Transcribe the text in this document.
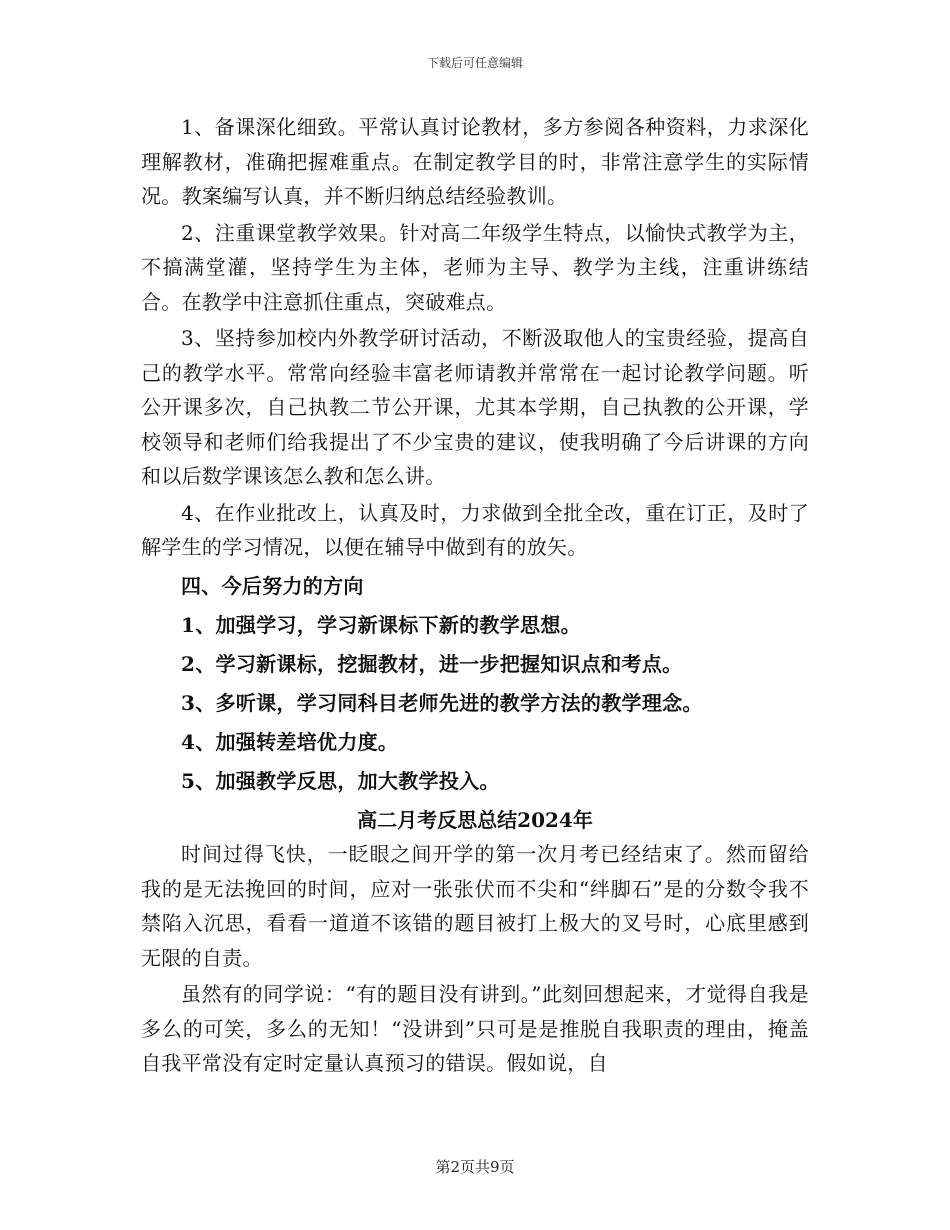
下载后可任意编辑

1、备课深化细致。平常认真讨论教材，多方参阅各种资料，力求深化理解教材，准确把握难重点。在制定教学目的时，非常注意学生的实际情况。教案编写认真，并不断归纳总结经验教训。

2、注重课堂教学效果。针对高二年级学生特点，以愉快式教学为主，不搞满堂灌，坚持学生为主体，老师为主导、教学为主线，注重讲练结合。在教学中注意抓住重点，突破难点。

3、坚持参加校内外教学研讨活动，不断汲取他人的宝贵经验，提高自己的教学水平。常常向经验丰富老师请教并常常在一起讨论教学问题。听公开课多次，自己执教二节公开课，尤其本学期，自己执教的公开课，学校领导和老师们给我提出了不少宝贵的建议，使我明确了今后讲课的方向和以后数学课该怎么教和怎么讲。

4、在作业批改上，认真及时，力求做到全批全改，重在订正，及时了解学生的学习情况，以便在辅导中做到有的放矢。

四、今后努力的方向

1、加强学习，学习新课标下新的教学思想。

2、学习新课标，挖掘教材，进一步把握知识点和考点。

3、多听课，学习同科目老师先进的教学方法的教学理念。

4、加强转差培优力度。

5、加强教学反思，加大教学投入。

高二月考反思总结2024年

时间过得飞快，一眨眼之间开学的第一次月考已经结束了。然而留给我的是无法挽回的时间，应对一张张伏而不尖和“绊脚石”是的分数令我不禁陷入沉思，看看一道道不该错的题目被打上极大的叉号时，心底里感到无限的自责。

虽然有的同学说：“有的题目没有讲到。”此刻回想起来，才觉得自我是多么的可笑，多么的无知！“没讲到”只可是是推脱自我职责的理由，掩盖自我平常没有定时定量认真预习的错误。假如说，自

第2页共9页
